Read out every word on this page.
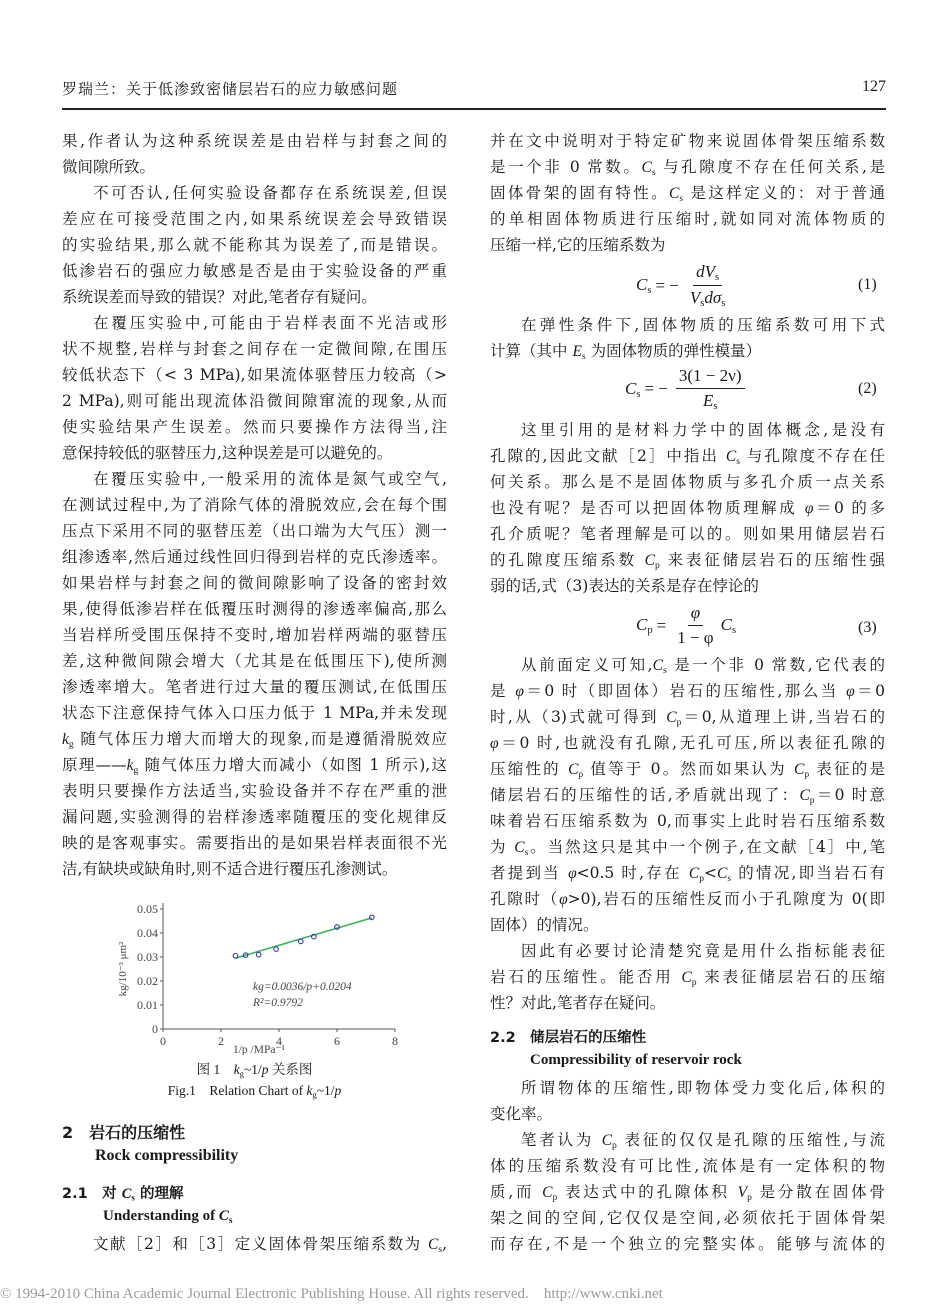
罗瑞兰：关于低渗致密储层岩石的应力敏感问题	127
果,作者认为这种系统误差是由岩样与封套之间的
微间隙所致。
不可否认,任何实验设备都存在系统误差,但误
差应在可接受范围之内,如果系统误差会导致错误
的实验结果,那么就不能称其为误差了,而是错误。
低渗岩石的强应力敏感是否是由于实验设备的严重
系统误差而导致的错误？对此,笔者存有疑问。
在覆压实验中,可能由于岩样表面不光洁或形
状不规整,岩样与封套之间存在一定微间隙,在围压
较低状态下（< 3 MPa),如果流体驱替压力较高（>
2 MPa),则可能出现流体沿微间隙窜流的现象,从而
使实验结果产生误差。然而只要操作方法得当,注
意保持较低的驱替压力,这种误差是可以避免的。
在覆压实验中,一般采用的流体是氮气或空气,
在测试过程中,为了消除气体的滑脱效应,会在每个围
压点下采用不同的驱替压差（出口端为大气压）测一
组渗透率,然后通过线性回归得到岩样的克氏渗透率。
如果岩样与封套之间的微间隙影响了设备的密封效
果,使得低渗岩样在低覆压时测得的渗透率偏高,那么
当岩样所受围压保持不变时,增加岩样两端的驱替压
差,这种微间隙会增大（尤其是在低围压下),使所测
渗透率增大。笔者进行过大量的覆压测试,在低围压
状态下注意保持气体入口压力低于 1 MPa,并未发现
$k_g$ 随气体压力增大而增大的现象,而是遵循滑脱效应
原理$——k_g$ 随气体压力增大而减小（如图 1 所示),这
表明只要操作方法适当,实验设备并不存在严重的泄
漏问题,实验测得的岩样渗透率随覆压的变化规律反
映的是客观事实。需要指出的是如果岩样表面很不光
洁,有缺块或缺角时,则不适合进行覆压孔渗测试。
0	2	4	6	8
0
0.01
0.02
0.03
0.04
0.05
kg=0.0036/p+0.0204
R²=0.9792
1/p /MPa⁻¹
kg/10⁻³ μm²
图 1　$k_g\sim 1/p$ 关系图
Fig.1　Relation Chart of $k_g\sim 1/p$
2　岩石的压缩性
Rock compressibility
2.1　对 $C_s$ 的理解
Understanding of $C_s$
文献［2］和［3］定义固体骨架压缩系数为 $C_s$,
并在文中说明对于特定矿物来说固体骨架压缩系数
是一个非 0 常数。$C_s$ 与孔隙度不存在任何关系,是
固体骨架的固有特性。$C_s$ 是这样定义的：对于普通
的单相固体物质进行压缩时,就如同对流体物质的
压缩一样,它的压缩系数为
$C_s$ = − $\frac{dV_s}{V_sd\sigma_s}$	(1)
在弹性条件下,固体物质的压缩系数可用下式
计算（其中 $E_s$ 为固体物质的弹性模量）
$C_s$ = − $\frac{3(1 - 2\nu)}{E_s}$	(2)
这里引用的是材料力学中的固体概念,是没有
孔隙的,因此文献［2］中指出 $C_s$ 与孔隙度不存在任
何关系。那么是不是固体物质与多孔介质一点关系
也没有呢？是否可以把固体物质理解成 φ＝0 的多
孔介质呢？笔者理解是可以的。则如果用储层岩石
的孔隙度压缩系数 $C_p$ 来表征储层岩石的压缩性强
弱的话,式（3)表达的关系是存在悖论的
$C_p = \frac{\varphi}{1 - \varphi} C_s$	(3)
从前面定义可知$,C_s$ 是一个非 0 常数,它代表的
是 φ＝0 时（即固体）岩石的压缩性,那么当 φ＝0
时,从（3)式就可得到 $C_p=0$,从道理上讲,当岩石的
φ＝0 时,也就没有孔隙,无孔可压,所以表征孔隙的
压缩性的 $C_p$ 值等于 0。然而如果认为 $C_p$ 表征的是
储层岩石的压缩性的话,矛盾就出现了：$C_p=0$ 时意
味着岩石压缩系数为 0,而事实上此时岩石压缩系数
为 $C_s$。当然这只是其中一个例子,在文献［4］中,笔
者提到当 φ<0.5 时,存在 $C_p<C_s$ 的情况,即当岩石有
孔隙时（φ>0),岩石的压缩性反而小于孔隙度为 0(即
固体）的情况。
因此有必要讨论清楚究竟是用什么指标能表征
岩石的压缩性。能否用 $C_p$ 来表征储层岩石的压缩
性？对此,笔者存在疑问。
2.2　储层岩石的压缩性
Compressibility of reservoir rock
所谓物体的压缩性,即物体受力变化后,体积的
变化率。
笔者认为 $C_p$ 表征的仅仅是孔隙的压缩性,与流
体的压缩系数没有可比性,流体是有一定体积的物
质,而 $C_p$ 表达式中的孔隙体积 $V_p$ 是分散在固体骨
架之间的空间,它仅仅是空间,必须依托于固体骨架
而存在,不是一个独立的完整实体。能够与流体的
© 1994-2010 China Academic Journal Electronic Publishing House. All rights reserved. http://www.cnki.net
